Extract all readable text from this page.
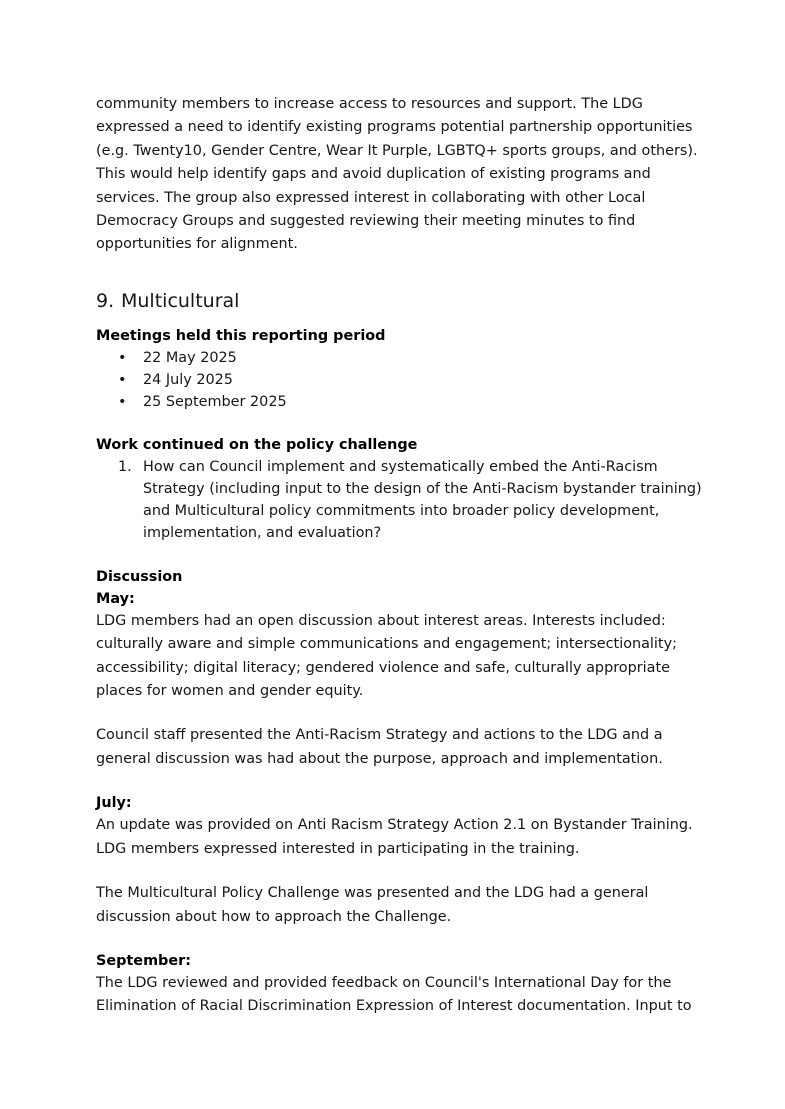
community members to increase access to resources and support. The LDG expressed a need to identify existing programs potential partnership opportunities (e.g. Twenty10, Gender Centre, Wear It Purple, LGBTQ+ sports groups, and others). This would help identify gaps and avoid duplication of existing programs and services. The group also expressed interest in collaborating with other Local Democracy Groups and suggested reviewing their meeting minutes to find opportunities for alignment.

9. Multicultural
Meetings held this reporting period
• 22 May 2025
• 24 July 2025
• 25 September 2025
Work continued on the policy challenge
1. How can Council implement and systematically embed the Anti-Racism Strategy (including input to the design of the Anti-Racism bystander training) and Multicultural policy commitments into broader policy development, implementation, and evaluation?
Discussion
May:

LDG members had an open discussion about interest areas. Interests included: culturally aware and simple communications and engagement; intersectionality; accessibility; digital literacy; gendered violence and safe, culturally appropriate places for women and gender equity.

Council staff presented the Anti-Racism Strategy and actions to the LDG and a general discussion was had about the purpose, approach and implementation.

July:

An update was provided on Anti Racism Strategy Action 2.1 on Bystander Training. LDG members expressed interested in participating in the training.

The Multicultural Policy Challenge was presented and the LDG had a general discussion about how to approach the Challenge.

September:

The LDG reviewed and provided feedback on Council's International Day for the Elimination of Racial Discrimination Expression of Interest documentation. Input to
